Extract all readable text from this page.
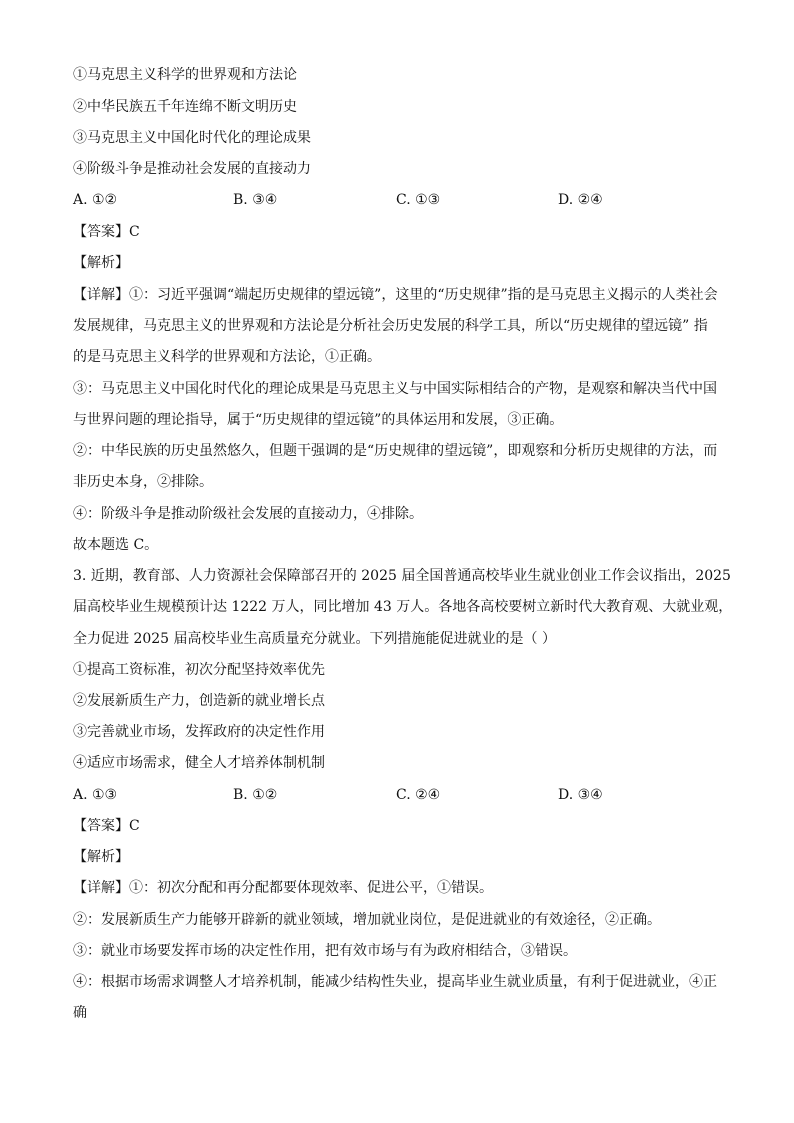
①马克思主义科学的世界观和方法论
②中华民族五千年连绵不断文明历史
③马克思主义中国化时代化的理论成果
④阶级斗争是推动社会发展的直接动力
A. ①②	B. ③④	C. ①③	D. ②④
【答案】C
【解析】
【详解】①：习近平强调“端起历史规律的望远镜”，这里的“历史规律”指的是马克思主义揭示的人类社会
发展规律，马克思主义的世界观和方法论是分析社会历史发展的科学工具，所以“历史规律的望远镜” 指
的是马克思主义科学的世界观和方法论，①正确。
③：马克思主义中国化时代化的理论成果是马克思主义与中国实际相结合的产物，是观察和解决当代中国
与世界问题的理论指导，属于“历史规律的望远镜”的具体运用和发展，③正确。
②：中华民族的历史虽然悠久，但题干强调的是“历史规律的望远镜”，即观察和分析历史规律的方法，而
非历史本身，②排除。
④：阶级斗争是推动阶级社会发展的直接动力，④排除。
故本题选 C。
3. 近期，教育部、人力资源社会保障部召开的 2025 届全国普通高校毕业生就业创业工作会议指出，2025
届高校毕业生规模预计达 1222 万人，同比增加 43 万人。各地各高校要树立新时代大教育观、大就业观，
全力促进 2025 届高校毕业生高质量充分就业。下列措施能促进就业的是（ ）
①提高工资标准，初次分配坚持效率优先
②发展新质生产力，创造新的就业增长点
③完善就业市场，发挥政府的决定性作用
④适应市场需求，健全人才培养体制机制
A. ①③	B. ①②	C. ②④	D. ③④
【答案】C
【解析】
【详解】①：初次分配和再分配都要体现效率、促进公平，①错误。
②：发展新质生产力能够开辟新的就业领域，增加就业岗位，是促进就业的有效途径，②正确。
③：就业市场要发挥市场的决定性作用，把有效市场与有为政府相结合，③错误。
④：根据市场需求调整人才培养机制，能减少结构性失业，提高毕业生就业质量，有利于促进就业，④正
确
